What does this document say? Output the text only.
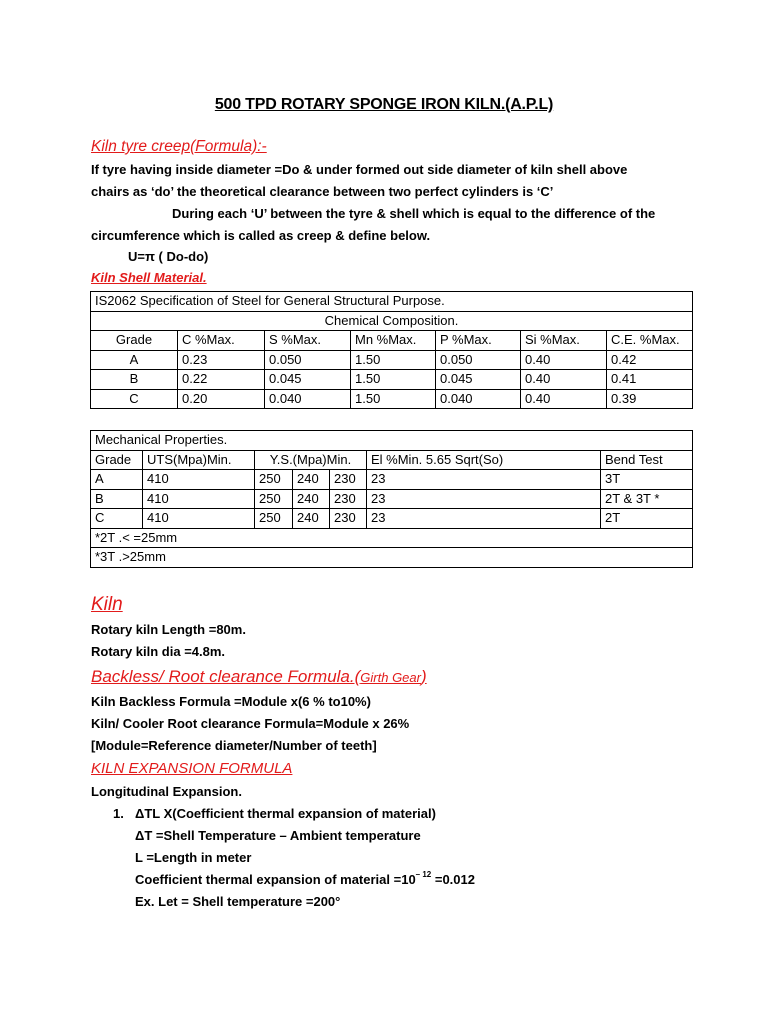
500 TPD ROTARY SPONGE IRON KILN.(A.P.L)
Kiln tyre creep(Formula):-
If tyre having inside diameter =Do & under formed out side diameter of kiln shell above
chairs as ‘do’ the theoretical clearance between two perfect cylinders is ‘C’
During each ‘U’ between the tyre & shell which is equal to the difference of the
circumference which is called as creep & define below.
U=π ( Do-do)
Kiln Shell Material.
IS2062 Specification of Steel for General Structural Purpose.						
Chemical Composition.						
Grade	C %Max.	S %Max.	Mn %Max.	P %Max.	Si %Max.	C.E. %Max.
A	0.23	0.050	1.50	0.050	0.40	0.42
B	0.22	0.045	1.50	0.045	0.40	0.41
C	0.20	0.040	1.50	0.040	0.40	0.39
Mechanical Properties.						
Grade	UTS(Mpa)Min.	Y.S.(Mpa)Min.			El %Min. 5.65 Sqrt(So)	Bend Test
A	410	250	240	230	23	3T
B	410	250	240	230	23	2T & 3T *
C	410	250	240	230	23	2T
*2T .< =25mm						
*3T .>25mm						
Kiln
Rotary kiln Length =80m.
Rotary kiln dia =4.8m.
Backless/ Root clearance Formula.(Girth Gear)
Kiln Backless Formula =Module x(6 % to10%)
Kiln/ Cooler Root clearance Formula=Module x 26%
[Module=Reference diameter/Number of teeth]
KILN EXPANSION FORMULA
Longitudinal Expansion.
1. ΔTL X(Coefficient thermal expansion of material)
ΔT =Shell Temperature – Ambient temperature
L =Length in meter
Coefficient thermal expansion of material $=10^{- 12} =0.012$
Ex. Let = Shell temperature =200°
